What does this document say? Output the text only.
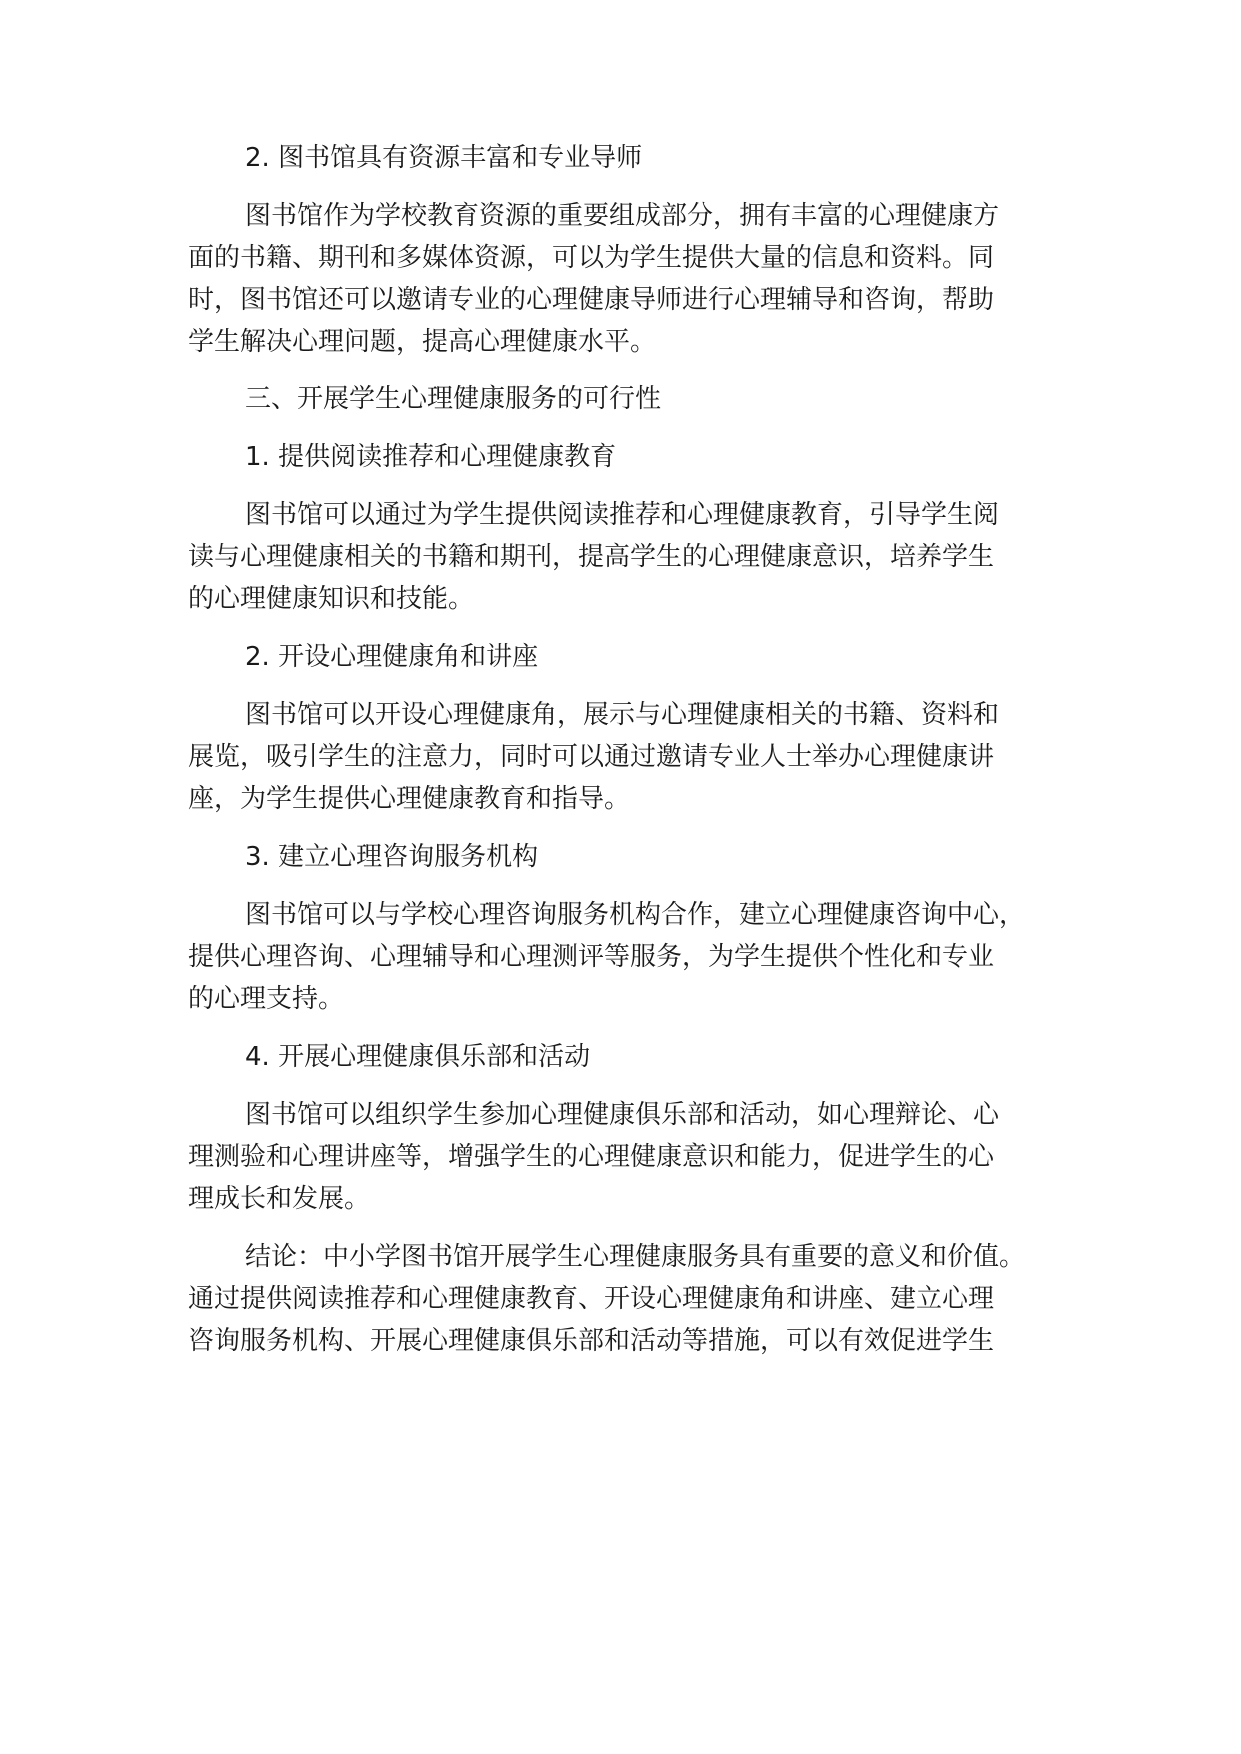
2. 图书馆具有资源丰富和专业导师
图书馆作为学校教育资源的重要组成部分，拥有丰富的心理健康方
面的书籍、期刊和多媒体资源，可以为学生提供大量的信息和资料。同
时，图书馆还可以邀请专业的心理健康导师进行心理辅导和咨询，帮助
学生解决心理问题，提高心理健康水平。
三、开展学生心理健康服务的可行性
1. 提供阅读推荐和心理健康教育
图书馆可以通过为学生提供阅读推荐和心理健康教育，引导学生阅
读与心理健康相关的书籍和期刊，提高学生的心理健康意识，培养学生
的心理健康知识和技能。
2. 开设心理健康角和讲座
图书馆可以开设心理健康角，展示与心理健康相关的书籍、资料和
展览，吸引学生的注意力，同时可以通过邀请专业人士举办心理健康讲
座，为学生提供心理健康教育和指导。
3. 建立心理咨询服务机构
图书馆可以与学校心理咨询服务机构合作，建立心理健康咨询中心，
提供心理咨询、心理辅导和心理测评等服务，为学生提供个性化和专业
的心理支持。
4. 开展心理健康俱乐部和活动
图书馆可以组织学生参加心理健康俱乐部和活动，如心理辩论、心
理测验和心理讲座等，增强学生的心理健康意识和能力，促进学生的心
理成长和发展。
结论：中小学图书馆开展学生心理健康服务具有重要的意义和价值。
通过提供阅读推荐和心理健康教育、开设心理健康角和讲座、建立心理
咨询服务机构、开展心理健康俱乐部和活动等措施，可以有效促进学生
